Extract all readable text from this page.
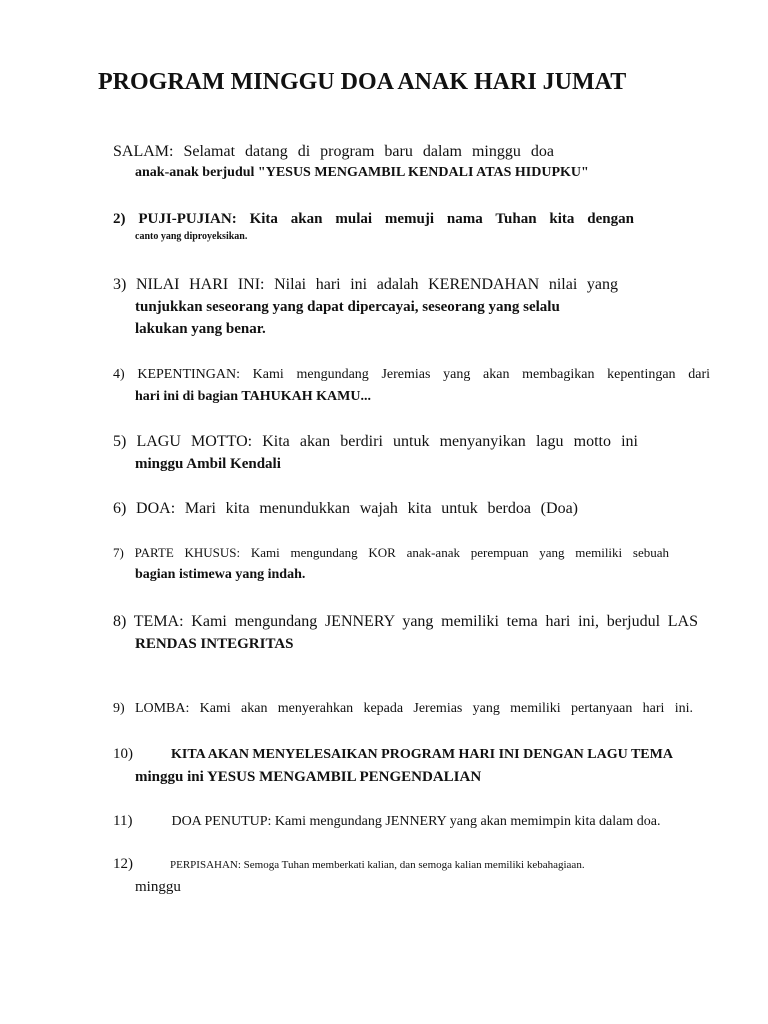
PROGRAM MINGGU DOA ANAK HARI JUMAT
SALAM: Selamat datang di program baru dalam minggu doa
anak-anak berjudul "YESUS MENGAMBIL KENDALI ATAS HIDUPKU"
2) PUJI-PUJIAN: Kita akan mulai memuji nama Tuhan kita dengan
canto yang diproyeksikan.
3) NILAI HARI INI: Nilai hari ini adalah KERENDAHAN nilai yang
tunjukkan seseorang yang dapat dipercayai, seseorang yang selalu
lakukan yang benar.
4) KEPENTINGAN: Kami mengundang Jeremias yang akan membagikan kepentingan dari
hari ini di bagian TAHUKAH KAMU...
5) LAGU MOTTO: Kita akan berdiri untuk menyanyikan lagu motto ini
minggu Ambil Kendali
6) DOA: Mari kita menundukkan wajah kita untuk berdoa (Doa)
7) PARTE KHUSUS: Kami mengundang KOR anak-anak perempuan yang memiliki sebuah
bagian istimewa yang indah.
8) TEMA: Kami mengundang JENNERY yang memiliki tema hari ini, berjudul LAS
RENDAS INTEGRITAS
9) LOMBA: Kami akan menyerahkan kepada Jeremias yang memiliki pertanyaan hari ini.
10)	KITA AKAN MENYELESAIKAN PROGRAM HARI INI DENGAN LAGU TEMA
minggu ini YESUS MENGAMBIL PENGENDALIAN
11)	DOA PENUTUP: Kami mengundang JENNERY yang akan memimpin kita dalam doa.
12)	PERPISAHAN: Semoga Tuhan memberkati kalian, dan semoga kalian memiliki kebahagiaan.
minggu
